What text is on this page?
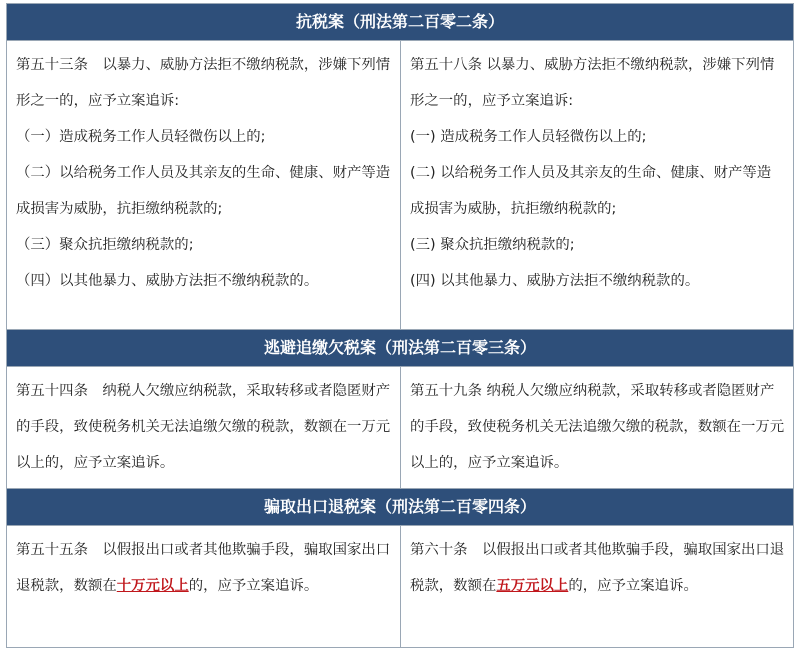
抗税案（刑法第二百零二条）
第五十三条　以暴力、威胁方法拒不缴纳税款，涉嫌下列情形之一的，应予立案追诉:
（一）造成税务工作人员轻微伤以上的;
（二）以给税务工作人员及其亲友的生命、健康、财产等造成损害为威胁，抗拒缴纳税款的;
（三）聚众抗拒缴纳税款的;
（四）以其他暴力、威胁方法拒不缴纳税款的。
第五十八条 以暴力、威胁方法拒不缴纳税款，涉嫌下列情形之一的，应予立案追诉:
(一) 造成税务工作人员轻微伤以上的;
(二) 以给税务工作人员及其亲友的生命、健康、财产等造成损害为威胁，抗拒缴纳税款的;
(三) 聚众抗拒缴纳税款的;
(四) 以其他暴力、威胁方法拒不缴纳税款的。
逃避追缴欠税案（刑法第二百零三条）
第五十四条　纳税人欠缴应纳税款，采取转移或者隐匿财产的手段，致使税务机关无法追缴欠缴的税款，数额在一万元以上的，应予立案追诉。
第五十九条 纳税人欠缴应纳税款，采取转移或者隐匿财产的手段，致使税务机关无法追缴欠缴的税款，数额在一万元以上的，应予立案追诉。
骗取出口退税案（刑法第二百零四条）
第五十五条　以假报出口或者其他欺骗手段，骗取国家出口退税款，数额在十万元以上的，应予立案追诉。
第六十条　以假报出口或者其他欺骗手段，骗取国家出口退税款，数额在五万元以上的，应予立案追诉。
